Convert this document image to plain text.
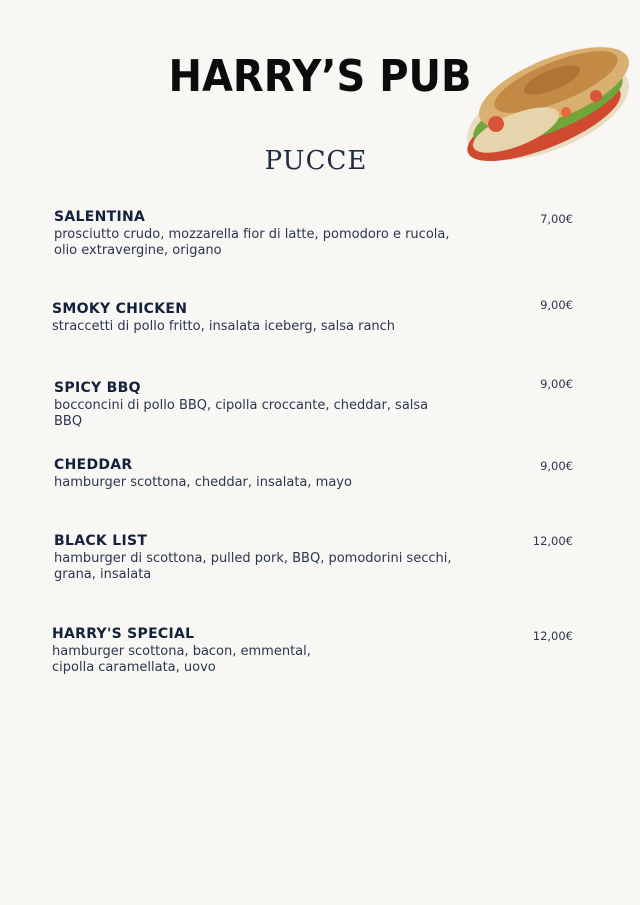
HARRY’S PUB
PUCCE
SALENTINA
prosciutto crudo, mozzarella fior di latte, pomodoro e rucola,
olio extravergine, origano
7,00€
SMOKY CHICKEN
straccetti di pollo fritto, insalata iceberg, salsa ranch
9,00€
SPICY BBQ
bocconcini di pollo BBQ, cipolla croccante, cheddar, salsa BBQ
9,00€
CHEDDAR
hamburger scottona, cheddar, insalata, mayo
9,00€
BLACK LIST
hamburger di scottona, pulled pork, BBQ, pomodorini secchi,
grana, insalata
12,00€
HARRY'S SPECIAL
hamburger scottona, bacon, emmental,
cipolla caramellata, uovo
12,00€
